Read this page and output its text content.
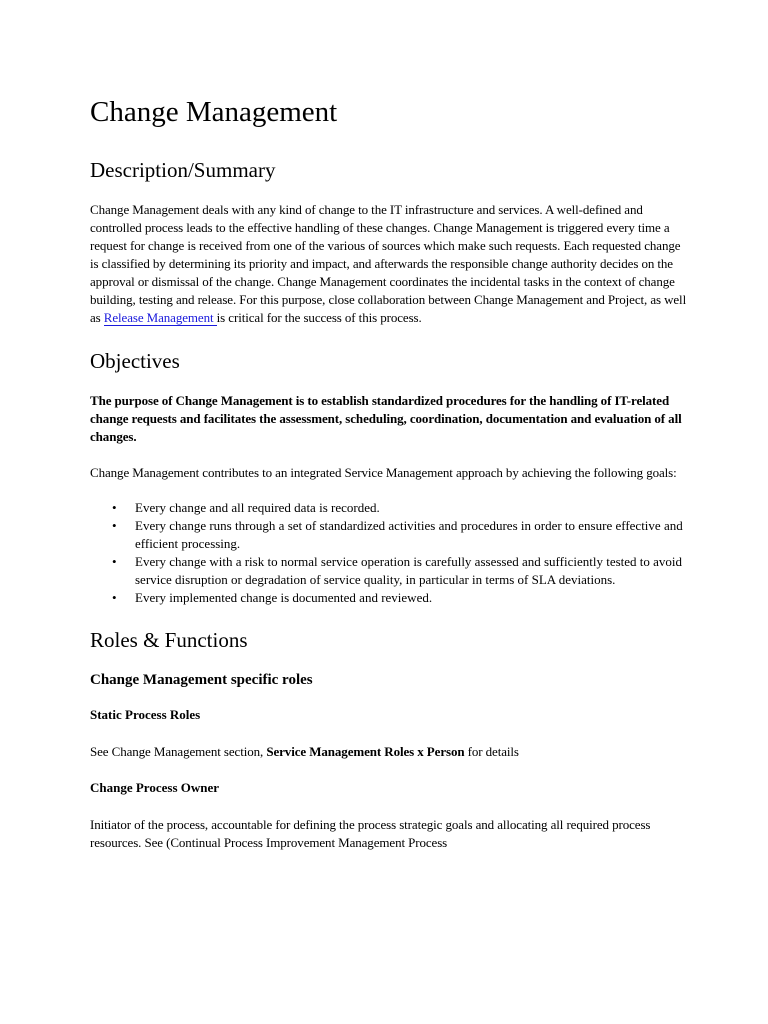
Change Management
Description/Summary

Change Management deals with any kind of change to the IT infrastructure and services. A well-defined and controlled process leads to the effective handling of these changes. Change Management is triggered every time a request for change is received from one of the various of sources which make such requests. Each requested change is classified by determining its priority and impact, and afterwards the responsible change authority decides on the approval or dismissal of the change. Change Management coordinates the incidental tasks in the context of change building, testing and release. For this purpose, close collaboration between Change Management and Project, as well as Release Management is critical for the success of this process.

Objectives

The purpose of Change Management is to establish standardized procedures for the handling of IT-related change requests and facilitates the assessment, scheduling, coordination, documentation and evaluation of all changes.

Change Management contributes to an integrated Service Management approach by achieving the following goals:

• Every change and all required data is recorded.
• Every change runs through a set of standardized activities and procedures in order to ensure effective and efficient processing.
• Every change with a risk to normal service operation is carefully assessed and sufficiently tested to avoid service disruption or degradation of service quality, in particular in terms of SLA deviations.
• Every implemented change is documented and reviewed.
Roles & Functions
Change Management specific roles
Static Process Roles

See Change Management section, Service Management Roles x Person for details

Change Process Owner

Initiator of the process, accountable for defining the process strategic goals and allocating all required process resources. See (Continual Process Improvement Management Process
